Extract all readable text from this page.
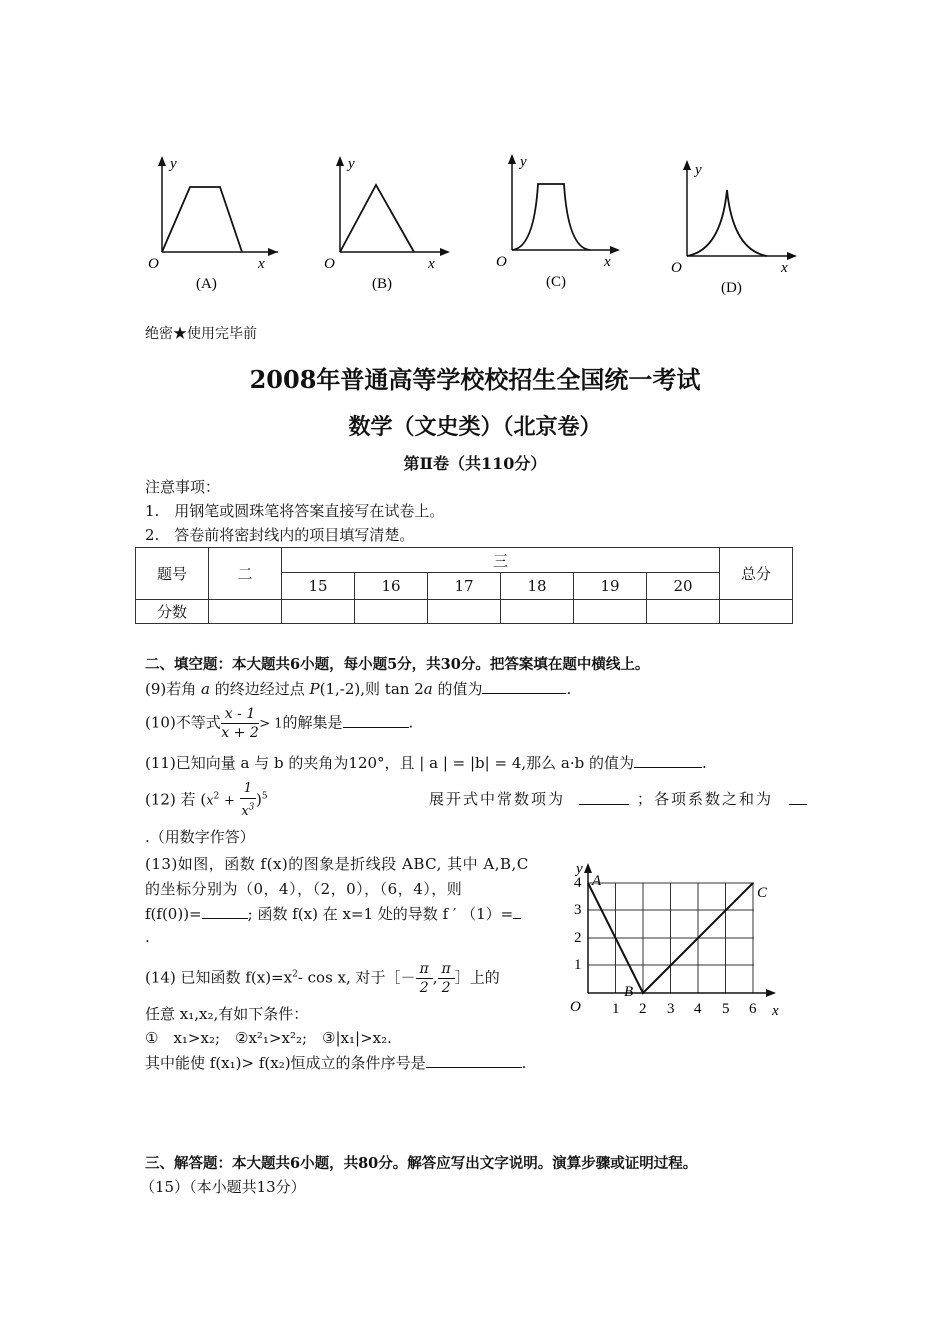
y
O	x
(A)
y
O	x
(B)
y
O	x
(C)
y
O	x
(D)
绝密★使用完毕前
2008年普通高等学校校招生全国统一考试
数学（文史类）（北京卷）
第Ⅱ卷（共110分）
注意事项：
1.　用钢笔或圆珠笔将答案直接写在试卷上。
2.　答卷前将密封线内的项目填写清楚。
题号	二	三						总分
		15	16	17	18	19	20	
分数								
二、填空题：本大题共6小题，每小题5分，共30分。把答案填在题中横线上。
(9)若角 a 的终边经过点 P(1,-2),则 tan 2a 的值为	.
(10)不等式 $\frac{x - 1}{x + 2}> 1$的解集是	.
(11)已知向量 a 与 b 的夹角为120°，且 | a | = |b| = 4,那么 a·b 的值为	.
(12) 若 $(x^2 + \frac{1}{x^3})^5$	展开式中常数项为	；各项系数之和为
.（用数字作答）
(13)如图，函数 f(x)的图象是折线段 ABC, 其中 A,B,C
的坐标分别为（0，4），（2，0），（6，4），则
f(f(0))=	; 函数 f(x) 在 x=1 处的导数 f ′ （1）=
.
(14) 已知函数 $f(x)=x^2-$ cos x, 对于［－ $\frac{\pi}{2}$, $\frac{\pi}{2}]$上的
任意 x₁,x₂,有如下条件：
①　x₁>x₂;　②x²₁>x²₂;　③|x₁|>x₂.
其中能使 f(x₁)> f(x₂)恒成立的条件序号是	.
y
O	x
1 2 3 4 5 6
1
2
3
4 A
B
C
三、解答题：本大题共6小题，共80分。解答应写出文字说明。演算步骤或证明过程。
（15）（本小题共13分）
